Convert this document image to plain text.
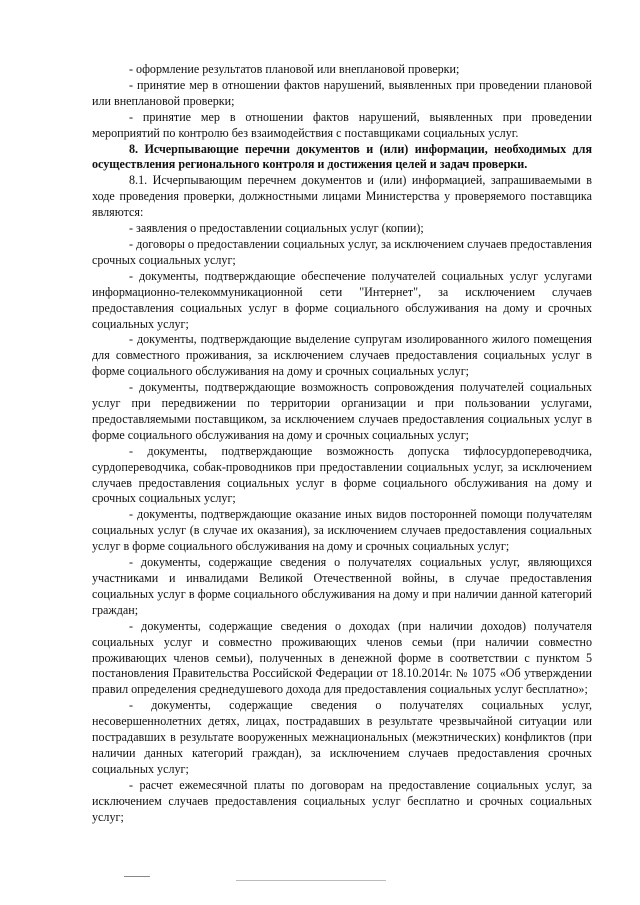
- оформление результатов плановой или внеплановой проверки;

- принятие мер в отношении фактов нарушений, выявленных при проведении плановой или внеплановой проверки;

- принятие мер в отношении фактов нарушений, выявленных при проведении мероприятий по контролю без взаимодействия с поставщиками социальных услуг.

8. Исчерпывающие перечни документов и (или) информации, необходимых для осуществления регионального контроля и достижения целей и задач проверки.

8.1. Исчерпывающим перечнем документов и (или) информацией, запрашиваемыми в ходе проведения проверки, должностными лицами Министерства у проверяемого поставщика являются:

- заявления о предоставлении социальных услуг (копии);

- договоры о предоставлении социальных услуг, за исключением случаев предоставления срочных социальных услуг;

- документы, подтверждающие обеспечение получателей социальных услуг услугами информационно-телекоммуникационной сети "Интернет", за исключением случаев предоставления социальных услуг в форме социального обслуживания на дому и срочных социальных услуг;

- документы, подтверждающие выделение супругам изолированного жилого помещения для совместного проживания, за исключением случаев предоставления социальных услуг в форме социального обслуживания на дому и срочных социальных услуг;

- документы, подтверждающие возможность сопровождения получателей социальных услуг при передвижении по территории организации и при пользовании услугами, предоставляемыми поставщиком, за исключением случаев предоставления социальных услуг в форме социального обслуживания на дому и срочных социальных услуг;

- документы, подтверждающие возможность допуска тифлосурдопереводчика, сурдопереводчика, собак-проводников при предоставлении социальных услуг, за исключением случаев предоставления социальных услуг в форме социального обслуживания на дому и срочных социальных услуг;

- документы, подтверждающие оказание иных видов посторонней помощи получателям социальных услуг (в случае их оказания), за исключением случаев предоставления социальных услуг в форме социального обслуживания на дому и срочных социальных услуг;

- документы, содержащие сведения о получателях социальных услуг, являющихся участниками и инвалидами Великой Отечественной войны, в случае предоставления социальных услуг в форме социального обслуживания на дому и при наличии данной категорий граждан;

- документы, содержащие сведения о доходах (при наличии доходов) получателя социальных услуг и совместно проживающих членов семьи (при наличии совместно проживающих членов семьи), полученных в денежной форме в соответствии с пунктом 5 постановления Правительства Российской Федерации от 18.10.2014г. № 1075 «Об утверждении правил определения среднедушевого дохода для предоставления социальных услуг бесплатно»;

- документы, содержащие сведения о получателях социальных услуг, несовершеннолетних детях, лицах, пострадавших в результате чрезвычайной ситуации или пострадавших в результате вооруженных межнациональных (межэтнических) конфликтов (при наличии данных категорий граждан), за исключением случаев предоставления срочных социальных услуг;

- расчет ежемесячной платы по договорам на предоставление социальных услуг, за исключением случаев предоставления социальных услуг бесплатно и срочных социальных услуг;
